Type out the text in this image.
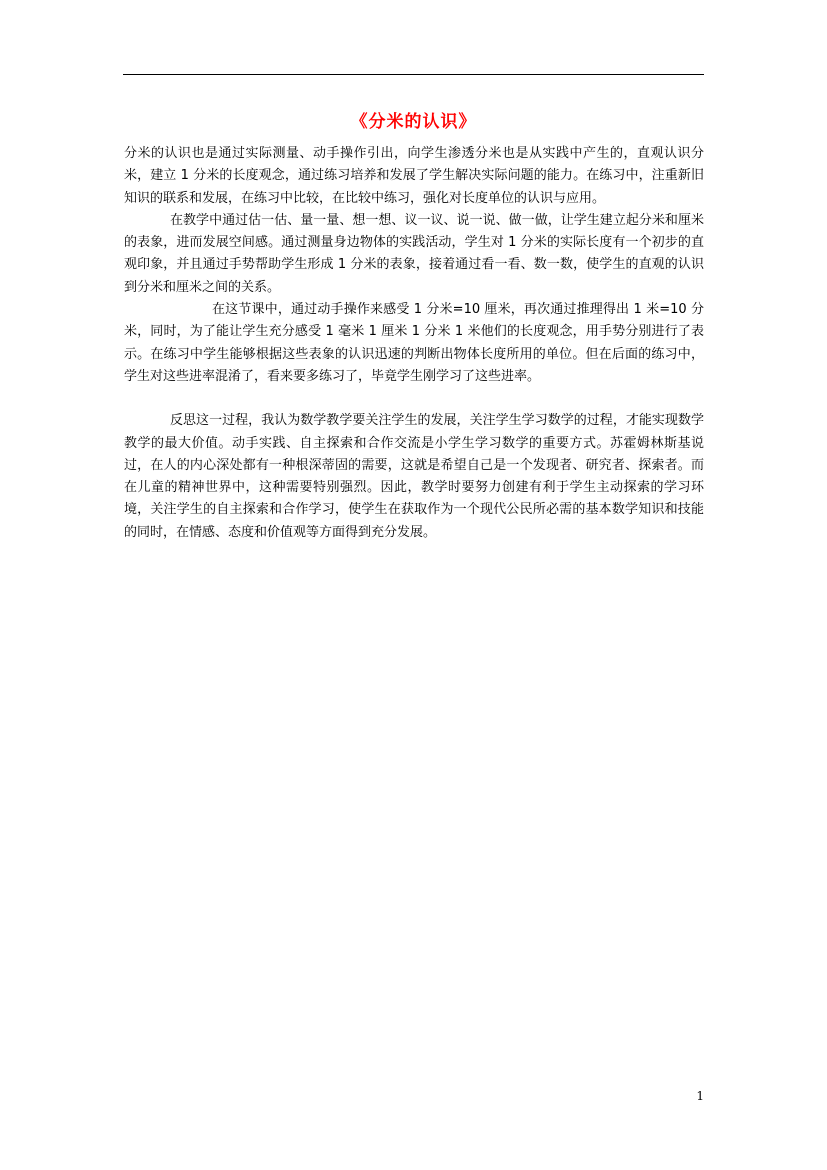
《分米的认识》

分米的认识也是通过实际测量、动手操作引出，向学生渗透分米也是从实践中产生的，直观认识分米，建立 1 分米的长度观念，通过练习培养和发展了学生解决实际问题的能力。在练习中，注重新旧知识的联系和发展，在练习中比较，在比较中练习，强化对长度单位的认识与应用。

在教学中通过估一估、量一量、想一想、议一议、说一说、做一做，让学生建立起分米和厘米的表象，进而发展空间感。通过测量身边物体的实践活动，学生对 1 分米的实际长度有一个初步的直观印象，并且通过手势帮助学生形成 1 分米的表象，接着通过看一看、数一数，使学生的直观的认识到分米和厘米之间的关系。

在这节课中，通过动手操作来感受 1 分米=10 厘米，再次通过推理得出 1 米=10 分米，同时，为了能让学生充分感受 1 毫米 1 厘米 1 分米 1 米他们的长度观念，用手势分别进行了表示。在练习中学生能够根据这些表象的认识迅速的判断出物体长度所用的单位。但在后面的练习中，学生对这些进率混淆了，看来要多练习了，毕竟学生刚学习了这些进率。

反思这一过程，我认为数学教学要关注学生的发展，关注学生学习数学的过程，才能实现数学教学的最大价值。动手实践、自主探索和合作交流是小学生学习数学的重要方式。苏霍姆林斯基说过，在人的内心深处都有一种根深蒂固的需要，这就是希望自己是一个发现者、研究者、探索者。而在儿童的精神世界中，这种需要特别强烈。因此，教学时要努力创建有利于学生主动探索的学习环境，关注学生的自主探索和合作学习，使学生在获取作为一个现代公民所必需的基本数学知识和技能的同时，在情感、态度和价值观等方面得到充分发展。

1
